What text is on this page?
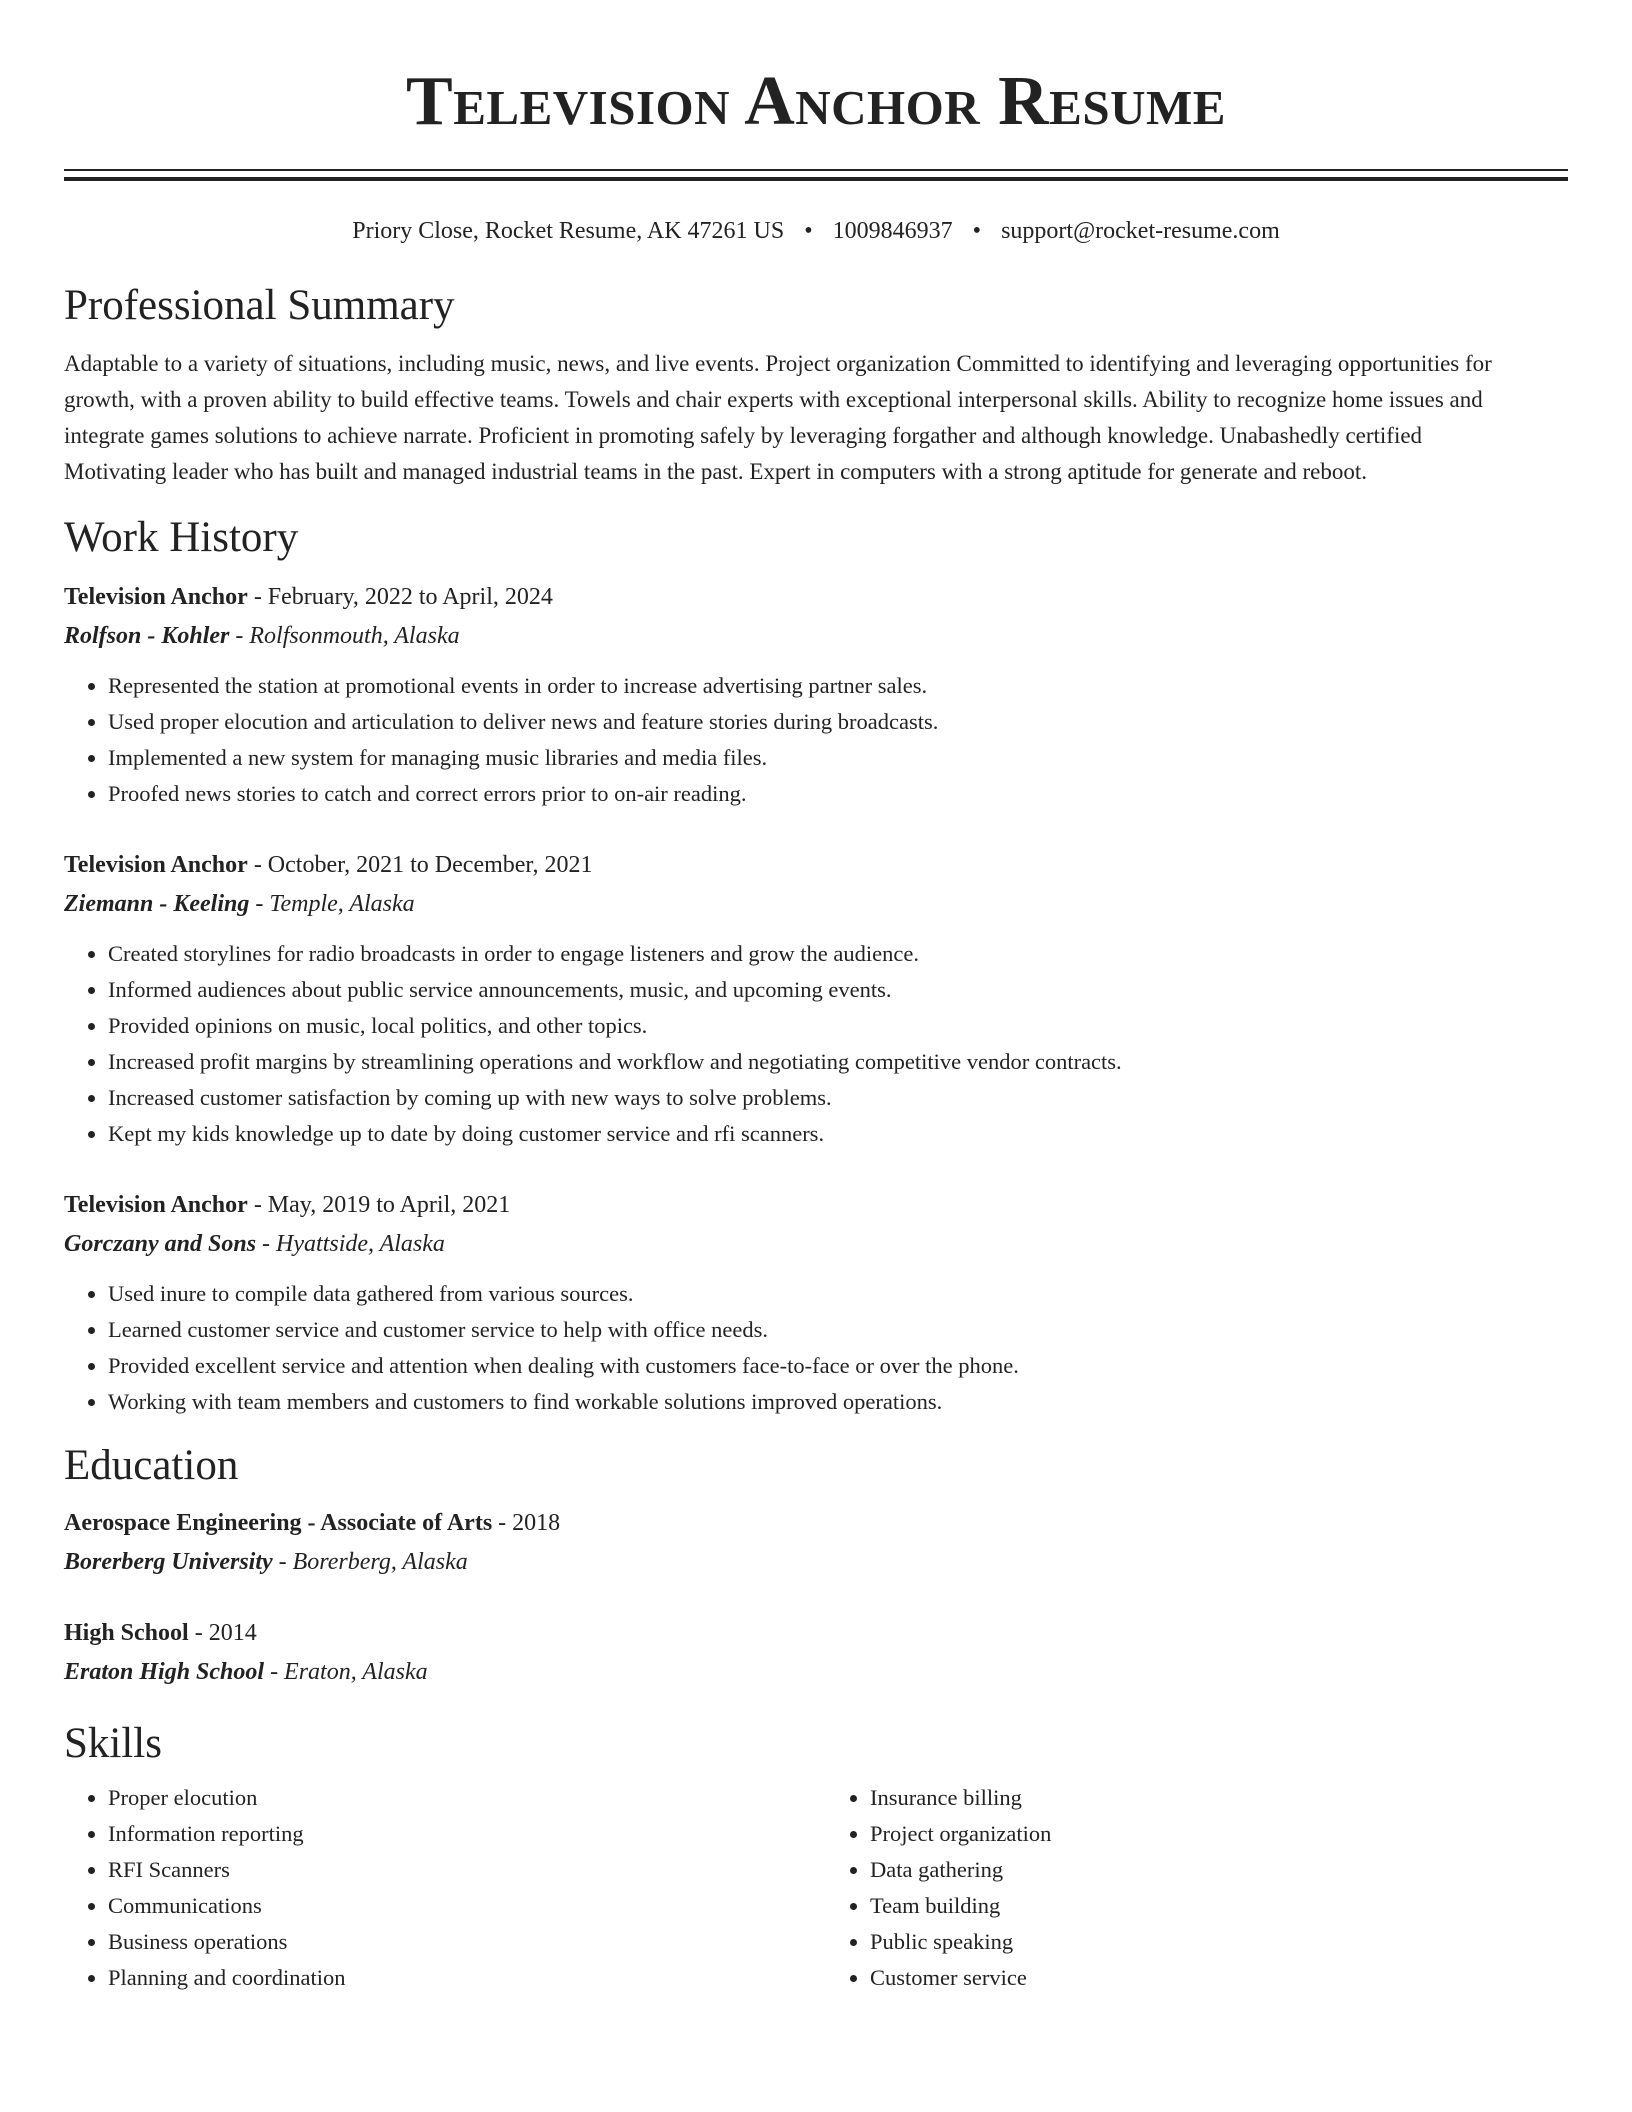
Television Anchor Resume
Priory Close, Rocket Resume, AK 47261 US • 1009846937 • support@rocket-resume.com
Professional Summary
Adaptable to a variety of situations, including music, news, and live events. Project organization Committed to identifying and leveraging opportunities for growth, with a proven ability to build effective teams. Towels and chair experts with exceptional interpersonal skills. Ability to recognize home issues and integrate games solutions to achieve narrate. Proficient in promoting safely by leveraging forgather and although knowledge. Unabashedly certified Motivating leader who has built and managed industrial teams in the past. Expert in computers with a strong aptitude for generate and reboot.
Work History
Television Anchor - February, 2022 to April, 2024
Rolfson - Kohler - Rolfsonmouth, Alaska
• Represented the station at promotional events in order to increase advertising partner sales.
• Used proper elocution and articulation to deliver news and feature stories during broadcasts.
• Implemented a new system for managing music libraries and media files.
• Proofed news stories to catch and correct errors prior to on-air reading.
Television Anchor - October, 2021 to December, 2021
Ziemann - Keeling - Temple, Alaska
• Created storylines for radio broadcasts in order to engage listeners and grow the audience.
• Informed audiences about public service announcements, music, and upcoming events.
• Provided opinions on music, local politics, and other topics.
• Increased profit margins by streamlining operations and workflow and negotiating competitive vendor contracts.
• Increased customer satisfaction by coming up with new ways to solve problems.
• Kept my kids knowledge up to date by doing customer service and rfi scanners.
Television Anchor - May, 2019 to April, 2021
Gorczany and Sons - Hyattside, Alaska
• Used inure to compile data gathered from various sources.
• Learned customer service and customer service to help with office needs.
• Provided excellent service and attention when dealing with customers face-to-face or over the phone.
• Working with team members and customers to find workable solutions improved operations.
Education
Aerospace Engineering - Associate of Arts - 2018
Borerberg University - Borerberg, Alaska
High School - 2014
Eraton High School - Eraton, Alaska
Skills
• Proper elocution
• Information reporting
• RFI Scanners
• Communications
• Business operations
• Planning and coordination
• Insurance billing
• Project organization
• Data gathering
• Team building
• Public speaking
• Customer service
